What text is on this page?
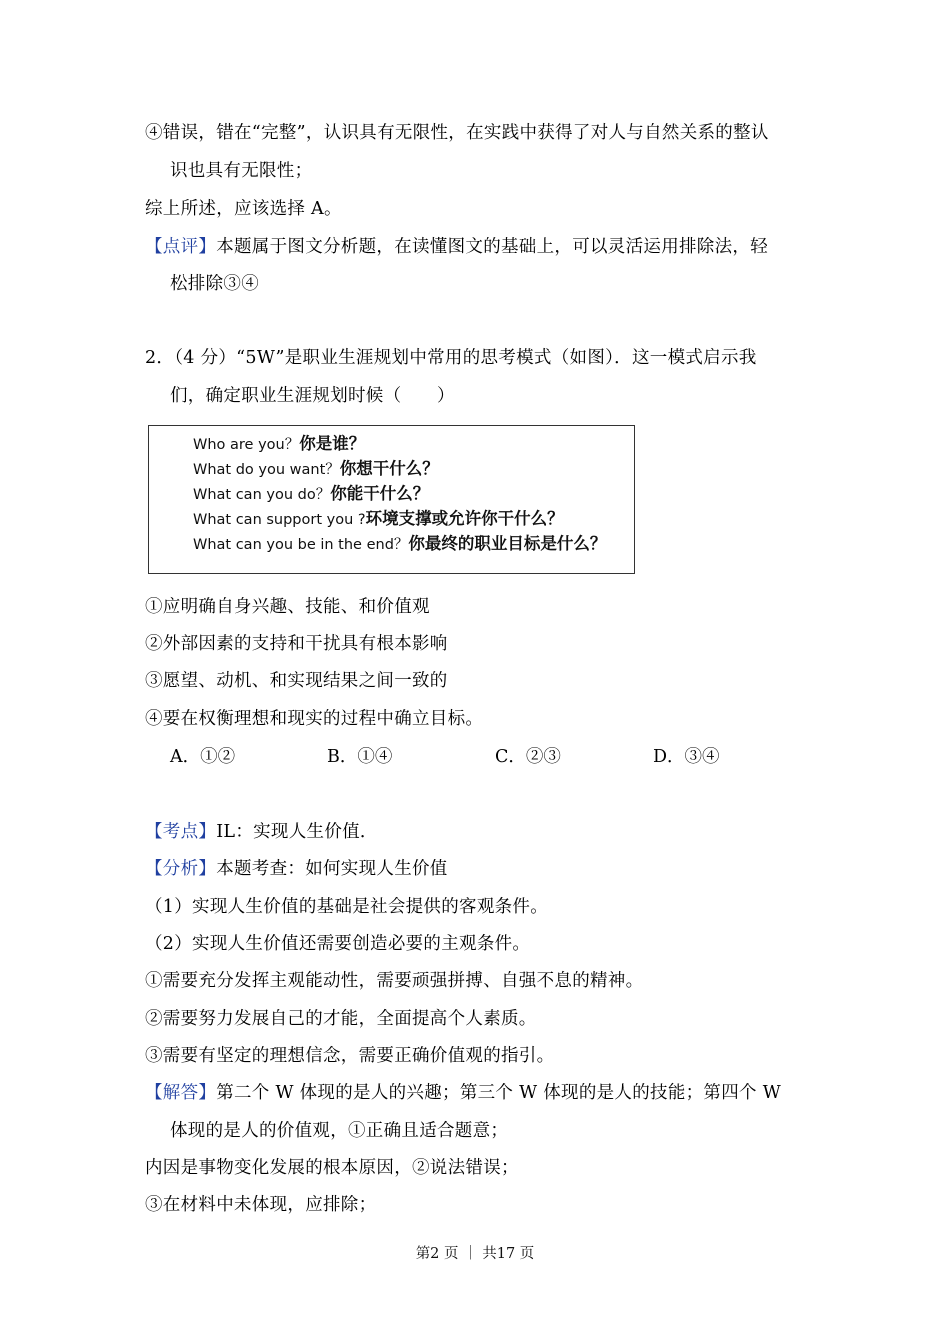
④错误，错在“完整”，认识具有无限性，在实践中获得了对人与自然关系的整认
识也具有无限性；
综上所述，应该选择 A。
【点评】本题属于图文分析题，在读懂图文的基础上，可以灵活运用排除法，轻
松排除③④
2．（4 分）“5W”是职业生涯规划中常用的思考模式（如图）．这一模式启示我
们，确定职业生涯规划时候（　　）
Who are you？你是谁？
What do you want？你想干什么？
What can you do？你能干什么？
What can support you ?环境支撑或允许你干什么？
What can you be in the end？你最终的职业目标是什么？
①应明确自身兴趣、技能、和价值观
②外部因素的支持和干扰具有根本影响
③愿望、动机、和实现结果之间一致的
④要在权衡理想和现实的过程中确立目标。
A．①②	B．①④	C．②③	D．③④
【考点】IL：实现人生价值．
【分析】本题考查：如何实现人生价值
（1）实现人生价值的基础是社会提供的客观条件。
（2）实现人生价值还需要创造必要的主观条件。
①需要充分发挥主观能动性，需要顽强拼搏、自强不息的精神。
②需要努力发展自己的才能，全面提高个人素质。
③需要有坚定的理想信念，需要正确价值观的指引。
【解答】第二个 W 体现的是人的兴趣；第三个 W 体现的是人的技能；第四个 W
体现的是人的价值观，①正确且适合题意；
内因是事物变化发展的根本原因，②说法错误；
③在材料中未体现，应排除；
第2 页 ｜ 共17 页
